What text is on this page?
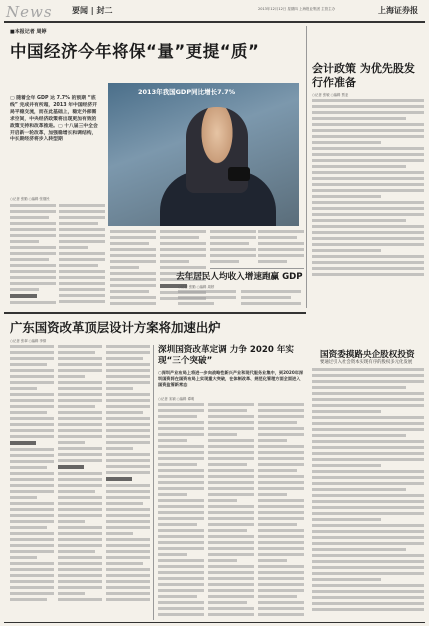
News 要闻 | 封二	2013年12月12日 星期四 上海报业集团 主管主办	上海证券报
■本报记者 周婷
中国经济今年将保“量”更提“质”
▢ 随着全年 GDP 达 7.7% 的预期 “底线” 完成并有所超，2013 年中国经济开局平稳交流，而在此基础上，稳定外部需求空间，中央经济政策将出现更加有效的政策支持和改革推进。▢ 十八届三中全会开启新一轮改革，加强稳增长和调结构，中长期经济将步入转型期
○记者 张勤 ○编辑 张继民
2013年我国GDP同比增长7.7%
去年居民人均收入增速跑赢 GDP
○记者 张勤 ○编辑 周婷
会计政策 为优先股发行作准备
○记者 张敏 ○编辑 贾亚
国资委摸路央企股权投资
要通过引入社会资本实现有序的股权多元化发展
广东国资改革顶层设计方案将加速出炉
○记者 张翠 ○编辑 李倩
深圳国资改革定调 力争 2020 年实现“三个突破”
○深圳产业布局上将进一步向战略性新兴产业和现代服务业集中，到2020年深圳国资将在国资布局上实现重大突破，在体制改革、规范化管理方面全面进入国资监管新常态
○记者 宋颖 ○编辑 谭明
